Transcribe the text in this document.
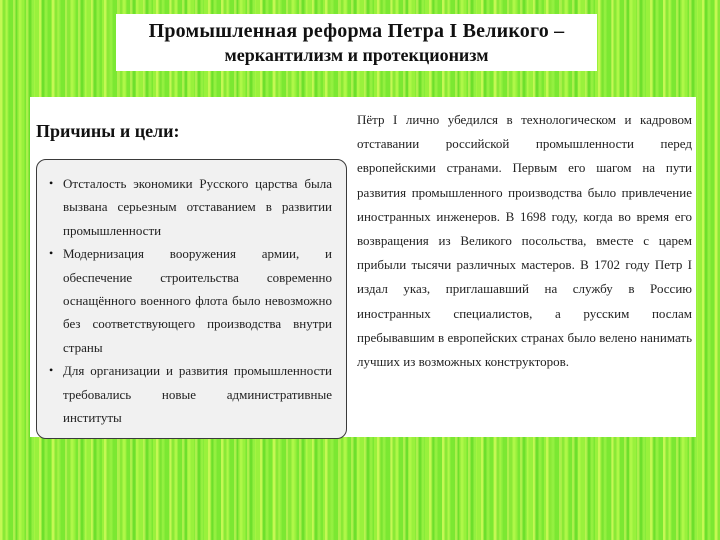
Промышленная реформа Петра I Великого –
меркантилизм и протекционизм
Причины и цели:
• Отсталость экономики Русского царства была вызвана серьезным отставанием в развитии промышленности
• Модернизация вооружения армии, и обеспечение строительства современно оснащённого военного флота было невозможно без соответствующего производства внутри страны
• Для организации и развития промышленности требовались новые административные институты
Пётр I лично убедился в технологическом и кадровом отставании российской промышленности перед европейскими странами. Первым его шагом на пути развития промышленного производства было привлечение иностранных инженеров. В 1698 году, когда во время его возвращения из Великого посольства, вместе с царем прибыли тысячи различных мастеров. В 1702 году Петр I издал указ, приглашавший на службу в Россию иностранных специалистов, а русским послам пребывавшим в европейских странах было велено нанимать лучших из возможных конструкторов.
